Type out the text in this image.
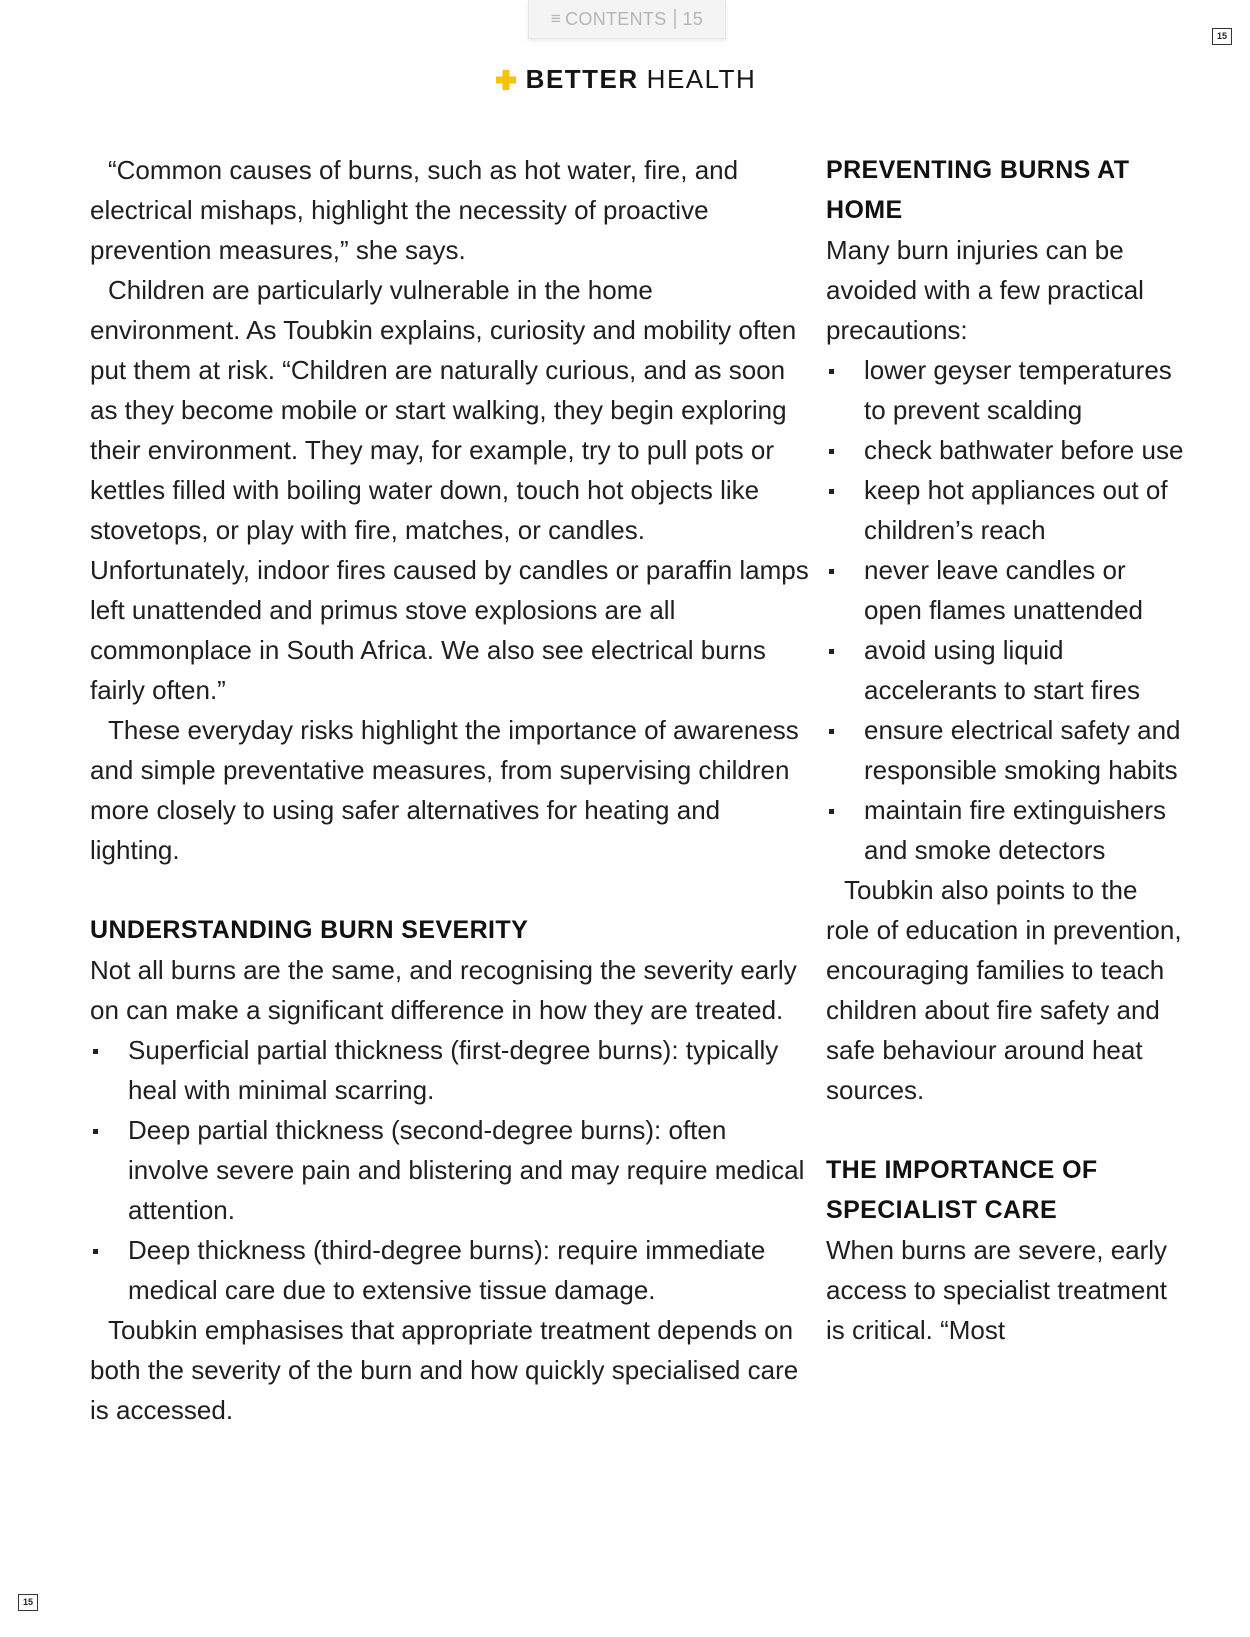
≡ CONTENTS 15
15
15
BETTER HEALTH

“Common causes of burns, such as hot water, fire, and electrical mishaps, highlight the necessity of proactive prevention measures,” she says.

Children are particularly vulnerable in the home environment. As Toubkin explains, curiosity and mobility often put them at risk. “Children are naturally curious, and as soon as they become mobile or start walking, they begin exploring their environment. They may, for example, try to pull pots or kettles filled with boiling water down, touch hot objects like stovetops, or play with fire, matches, or candles. Unfortunately, indoor fires caused by candles or paraffin lamps left unattended and primus stove explosions are all commonplace in South Africa. We also see electrical burns fairly often.”

These everyday risks highlight the importance of awareness and simple preventative measures, from supervising children more closely to using safer alternatives for heating and lighting.

UNDERSTANDING BURN SEVERITY

Not all burns are the same, and recognising the severity early on can make a significant difference in how they are treated.

Superficial partial thickness (first-degree burns): typically heal with minimal scarring.
Deep partial thickness (second-degree burns): often involve severe pain and blistering and may require medical attention.
Deep thickness (third-degree burns): require immediate medical care due to extensive tissue damage.

Toubkin emphasises that appropriate treatment depends on both the severity of the burn and how quickly specialised care is accessed.

PREVENTING BURNS AT HOME

Many burn injuries can be avoided with a few practical precautions:

lower geyser temperatures to prevent scalding
check bathwater before use
keep hot appliances out of children’s reach
never leave candles or open flames unattended
avoid using liquid accelerants to start fires
ensure electrical safety and responsible smoking habits
maintain fire extinguishers and smoke detectors

Toubkin also points to the role of education in prevention, encouraging families to teach children about fire safety and safe behaviour around heat sources.

THE IMPORTANCE OF SPECIALIST CARE

When burns are severe, early access to specialist treatment is critical. “Most
